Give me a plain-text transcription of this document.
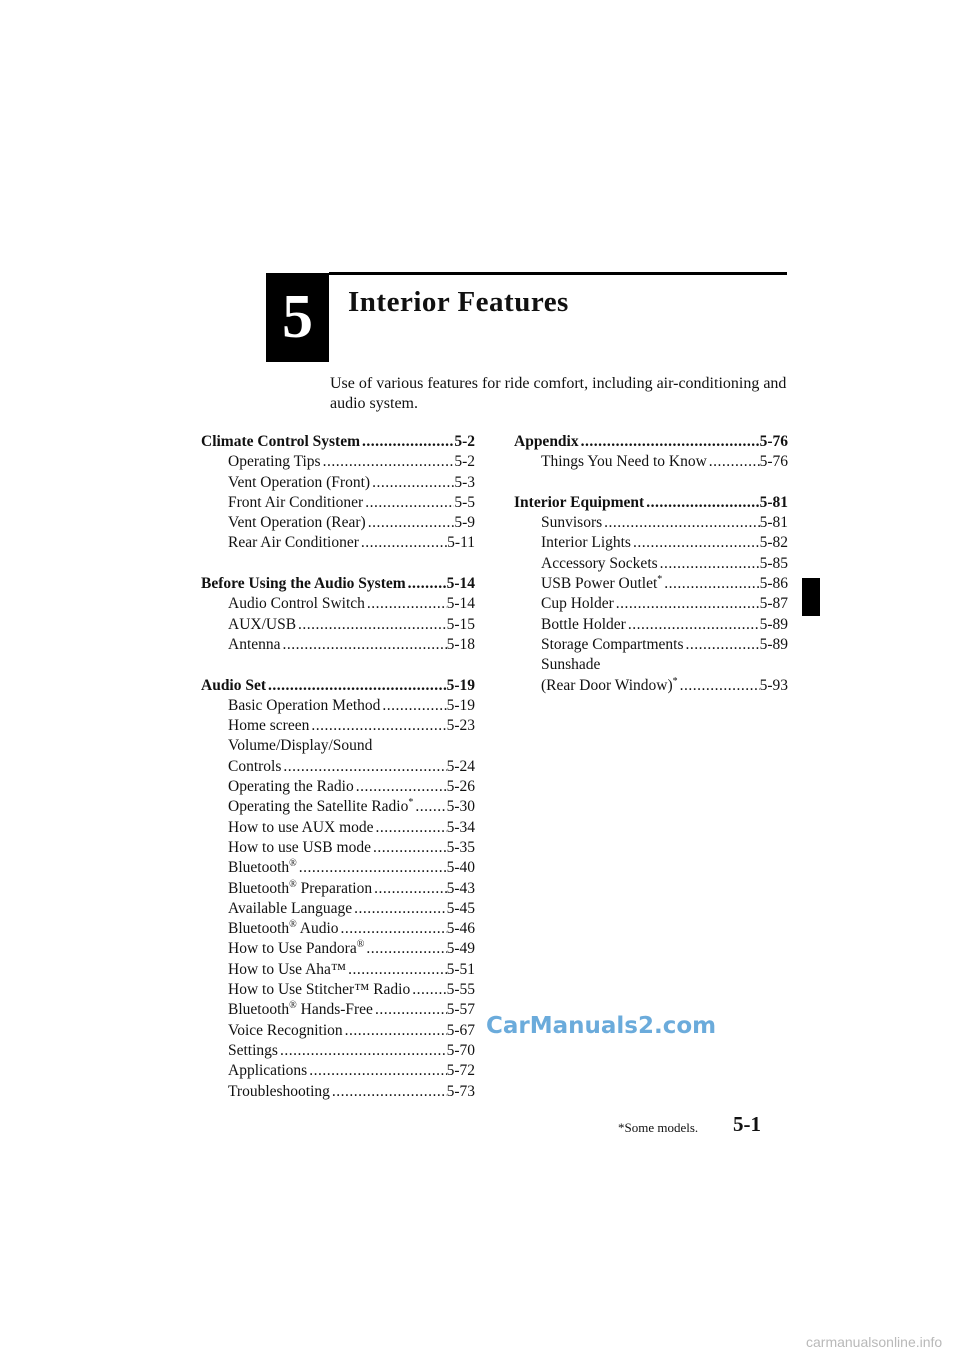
5	Interior Features
Use of various features for ride comfort, including air-conditioning and audio system.
Climate Control System .....	5-2
Operating Tips .....	5-2
Vent Operation (Front) .....	5-3
Front Air Conditioner .....	5-5
Vent Operation (Rear) .....	5-9
Rear Air Conditioner .....	5-11
Before Using the Audio System .....	5-14
Audio Control Switch .....	5-14
AUX/USB .....	5-15
Antenna .....	5-18
Audio Set .....	5-19
Basic Operation Method .....	5-19
Home screen .....	5-23
Volume/Display/Sound
Controls .....	5-24
Operating the Radio .....	5-26
Operating the Satellite Radio* ..... 5-30
How to use AUX mode .....	5-34
How to use USB mode .....	5-35
Bluetooth® .....	5-40
Bluetooth® Preparation .....	5-43
Available Language .....	5-45
Bluetooth® Audio .....	5-46
How to Use Pandora® .....	5-49
How to Use Aha™ .....	5-51
How to Use Stitcher™ Radio ..... 5-55
Bluetooth® Hands-Free .....	5-57
Voice Recognition .....	5-67
Settings .....	5-70
Applications .....	5-72
Troubleshooting .....	5-73
Appendix .....	5-76
Things You Need to Know .....	5-76
Interior Equipment .....	5-81
Sunvisors .....	5-81
Interior Lights .....	5-82
Accessory Sockets .....	5-85
USB Power Outlet* .....	5-86
Cup Holder .....	5-87
Bottle Holder .....	5-89
Storage Compartments .....	5-89
Sunshade
(Rear Door Window)* .....	5-93
CarManuals2.com
*Some models. 5-1
carmanualsonline.info
